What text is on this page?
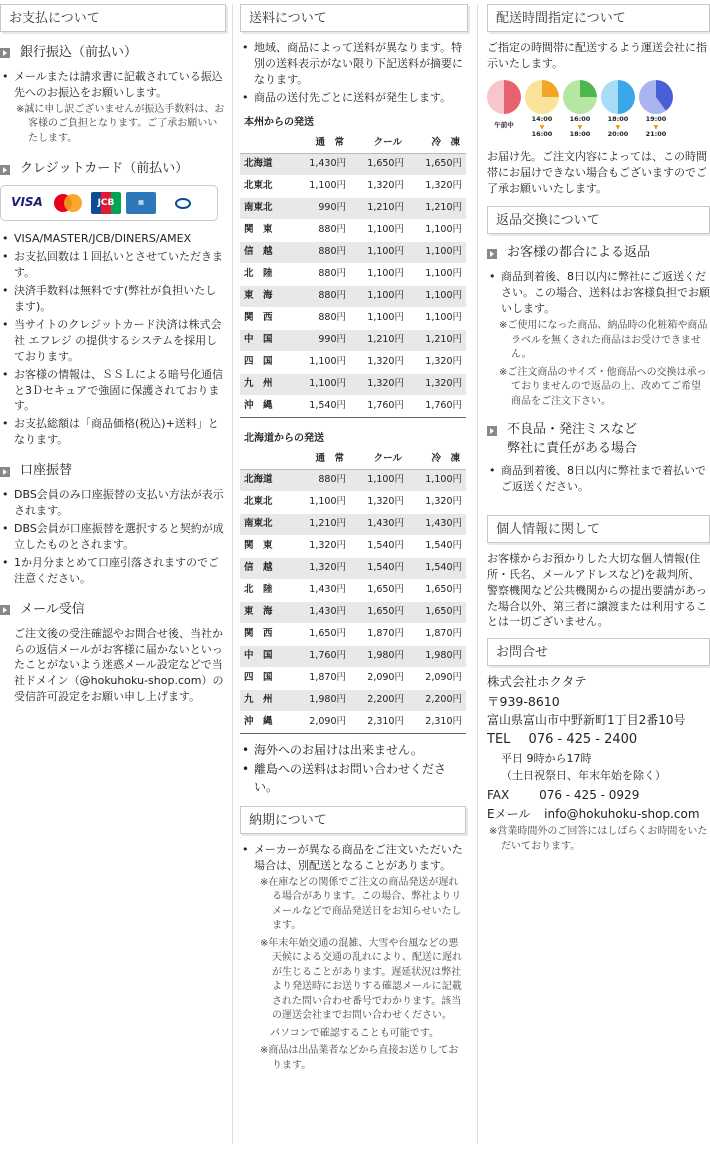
お支払について
銀行振込（前払い）
• メールまたは請求書に記載されている振込先へのお振込をお願いします。
※誠に申し訳ございませんが振込手数料は、お客様のご負担となります。ご了承お願いいたします。
クレジットカード（前払い）
VISA	JCB	▦
• VISA/MASTER/JCB/DINERS/AMEX
• お支払回数は１回払いとさせていただきます。
• 決済手数料は無料です(弊社が負担いたします)。
• 当サイトのクレジットカード決済は株式会社 エフレジ の提供するシステムを採用しております。
• お客様の情報は、ＳＳＬによる暗号化通信と3Ｄセキュアで強固に保護されております。
• お支払総額は「商品価格(税込)+送料」となります。
口座振替
• DBS会員のみ口座振替の支払い方法が表示されます。
• DBS会員が口座振替を選択すると契約が成立したものとされます。
• 1か月分まとめて口座引落されますのでご注意ください。
メール受信
ご注文後の受注確認やお問合せ後、当社からの返信メールがお客様に届かないといったことがないよう迷惑メール設定などで当社ドメイン（@hokuhoku-shop.com）の受信許可設定をお願い申し上げます。
送料について
• 地域、商品によって送料が異なります。特別の送料表示がない限り下記送料が摘要になります。
• 商品の送付先ごとに送料が発生します。
本州からの発送
	通　常	クール	冷　凍
北海道	1,430円	1,650円	1,650円
北東北	1,100円	1,320円	1,320円
南東北	990円	1,210円	1,210円
関　東	880円	1,100円	1,100円
信　越	880円	1,100円	1,100円
北　陸	880円	1,100円	1,100円
東　海	880円	1,100円	1,100円
関　西	880円	1,100円	1,100円
中　国	990円	1,210円	1,210円
四　国	1,100円	1,320円	1,320円
九　州	1,100円	1,320円	1,320円
沖　縄	1,540円	1,760円	1,760円
北海道からの発送
	通　常	クール	冷　凍
北海道	880円	1,100円	1,100円
北東北	1,100円	1,320円	1,320円
南東北	1,210円	1,430円	1,430円
関　東	1,320円	1,540円	1,540円
信　越	1,320円	1,540円	1,540円
北　陸	1,430円	1,650円	1,650円
東　海	1,430円	1,650円	1,650円
関　西	1,650円	1,870円	1,870円
中　国	1,760円	1,980円	1,980円
四　国	1,870円	2,090円	2,090円
九　州	1,980円	2,200円	2,200円
沖　縄	2,090円	2,310円	2,310円
• 海外へのお届けは出来ません。
• 離島への送料はお問い合わせください。
納期について
• メーカーが異なる商品をご注文いただいた場合は、別配送となることがあります。
※在庫などの関係でご注文の商品発送が遅れる場合があります。この場合、弊社よりリメールなどで商品発送日をお知らせいたします。
※年末年始交通の混雑、大雪や台風などの悪天候による交通の乱れにより、配送に遅れが生じることがあります。遅延状況は弊社より発送時にお送りする確認メールに記載された問い合わせ番号でわかります。該当の運送会社までお問い合わせください。
　パソコンで確認することも可能です。
※商品は出品業者などから直接お送りしております。
配送時間指定について
ご指定の時間帯に配送するよう運送会社に指示いたします。
午前中
14:00
▼
16:00
16:00
▼
18:00
18:00
▼
20:00
19:00
▼
21:00
お届け先。ご注文内容によっては、この時間帯にお届けできない場合もございますのでご了承お願いいたします。
返品交換について
お客様の都合による返品
• 商品到着後、8日以内に弊社にご返送ください。この場合、送料はお客様負担でお願いします。
※ご使用になった商品、納品時の化粧箱や商品ラベルを無くされた商品はお受けできません。
※ご注文商品のサイズ・他商品への交換は承っておりませんので返品の上、改めてご希望商品をご注文下さい。
不良品・発注ミスなど
弊社に責任がある場合
• 商品到着後、8日以内に弊社まで着払いでご返送ください。
個人情報に関して
お客様からお預かりした大切な個人情報(住所・氏名、メールアドレスなど)を裁判所、警察機関など公共機関からの提出要請があった場合以外、第三者に譲渡または利用することは一切ございません。
お問合せ
株式会社ホクタテ
〒939-8610
富山県富山市中野新町1丁目2番10号
TEL 076 - 425 - 2400
平日 9時から17時
（土日祝祭日、年末年始を除く）
FAX 076 - 425 - 0929
Eメール info@hokuhoku-shop.com
※営業時間外のご回答にはしばらくお時間をいただいております。
